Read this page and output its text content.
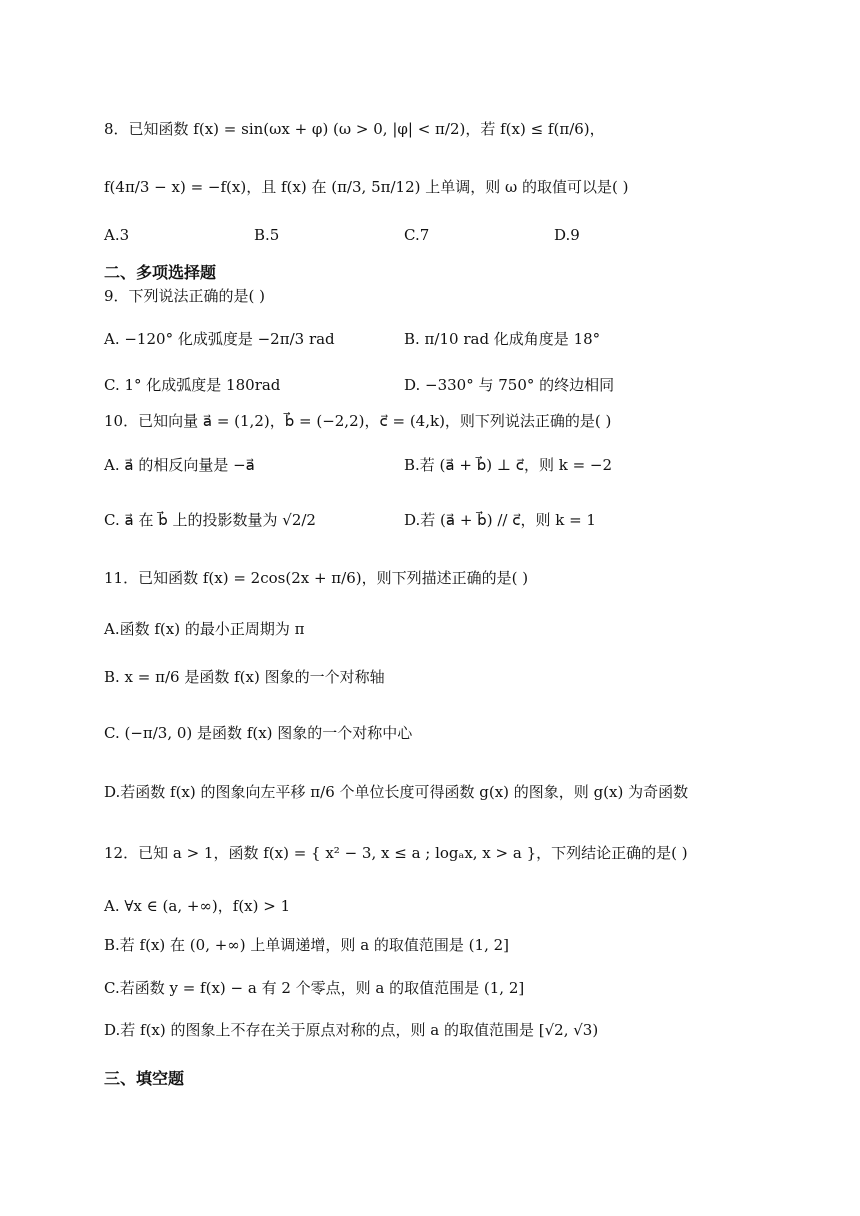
8．已知函数 f(x) = sin(ωx + φ) (ω > 0, |φ| < π/2)，若 f(x) ≤ f(π/6)，
f(4π/3 − x) = −f(x)，且 f(x) 在 (π/3, 5π/12) 上单调，则 ω 的取值可以是( )
A.3	B.5	C.7	D.9
二、多项选择题
9．下列说法正确的是( )
A. −120° 化成弧度是 −2π/3 rad	B. π/10 rad 化成角度是 18°
C. 1° 化成弧度是 180rad	D. −330° 与 750° 的终边相同
10．已知向量 a⃗ = (1,2)，b⃗ = (−2,2)，c⃗ = (4,k)，则下列说法正确的是( )
A. a⃗ 的相反向量是 −a⃗	B.若 (a⃗ + b⃗) ⊥ c⃗，则 k = −2
C. a⃗ 在 b⃗ 上的投影数量为 √2/2	D.若 (a⃗ + b⃗) // c⃗，则 k = 1
11．已知函数 f(x) = 2cos(2x + π/6)，则下列描述正确的是( )
A.函数 f(x) 的最小正周期为 π
B. x = π/6 是函数 f(x) 图象的一个对称轴
C. (−π/3, 0) 是函数 f(x) 图象的一个对称中心
D.若函数 f(x) 的图象向左平移 π/6 个单位长度可得函数 g(x) 的图象，则 g(x) 为奇函数
12．已知 a > 1，函数 f(x) = { x² − 3, x ≤ a ; logₐx, x > a }，下列结论正确的是( )
A. ∀x ∈ (a, +∞)，f(x) > 1
B.若 f(x) 在 (0, +∞) 上单调递增，则 a 的取值范围是 (1, 2]
C.若函数 y = f(x) − a 有 2 个零点，则 a 的取值范围是 (1, 2]
D.若 f(x) 的图象上不存在关于原点对称的点，则 a 的取值范围是 [√2, √3)
三、填空题
